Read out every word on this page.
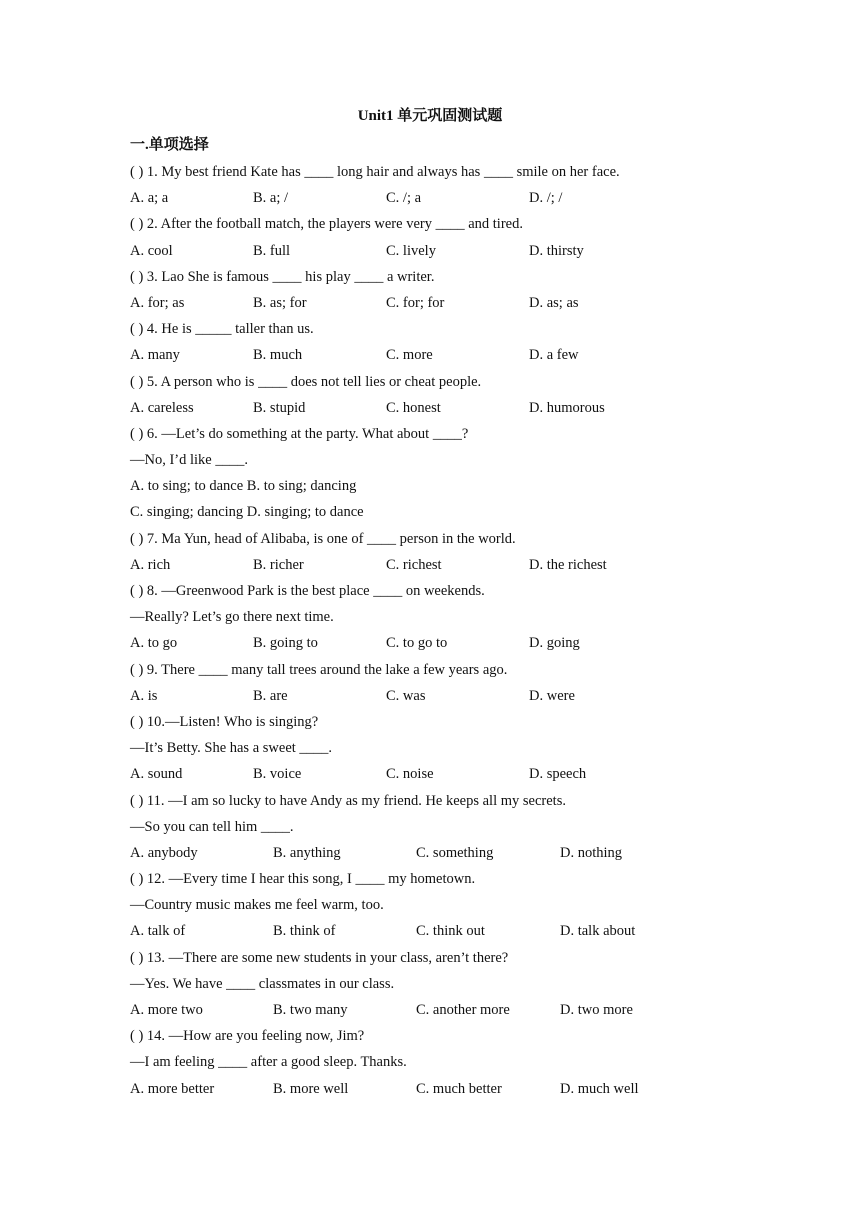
Unit1 单元巩固测试题
一.单项选择
( ) 1. My best friend Kate has ____ long hair and always has ____ smile on her face.
A. a; a	B. a; /	C. /; a	D. /; /
( ) 2. After the football match, the players were very ____ and tired.
A. cool	B. full	C. lively	D. thirsty
( ) 3. Lao She is famous ____ his play ____ a writer.
A. for; as	B. as; for	C. for; for	D. as; as
( ) 4. He is _____ taller than us.
A. many	B. much	C. more	D. a few
( ) 5. A person who is ____ does not tell lies or cheat people.
A. careless	B. stupid	C. honest	D. humorous
( ) 6. —Let’s do something at the party. What about ____?
—No, I’d like ____.
A. to sing; to dance B. to sing; dancing
C. singing; dancing D. singing; to dance
( ) 7. Ma Yun, head of Alibaba, is one of ____ person in the world.
A. rich	B. richer	C. richest	D. the richest
( ) 8. —Greenwood Park is the best place ____ on weekends.
—Really? Let’s go there next time.
A. to go	B. going to	C. to go to	D. going
( ) 9. There ____ many tall trees around the lake a few years ago.
A. is	B. are	C. was	D. were
( ) 10.—Listen! Who is singing?
—It’s Betty. She has a sweet ____.
A. sound	B. voice	C. noise	D. speech
( ) 11. —I am so lucky to have Andy as my friend. He keeps all my secrets.
—So you can tell him ____.
A. anybody	B. anything	C. something	D. nothing
( ) 12. —Every time I hear this song, I ____ my hometown.
—Country music makes me feel warm, too.
A. talk of	B. think of	C. think out	D. talk about
( ) 13. —There are some new students in your class, aren’t there?
—Yes. We have ____ classmates in our class.
A. more two	B. two many	C. another more	D. two more
( ) 14. —How are you feeling now, Jim?
—I am feeling ____ after a good sleep. Thanks.
A. more better	B. more well	C. much better	D. much well
